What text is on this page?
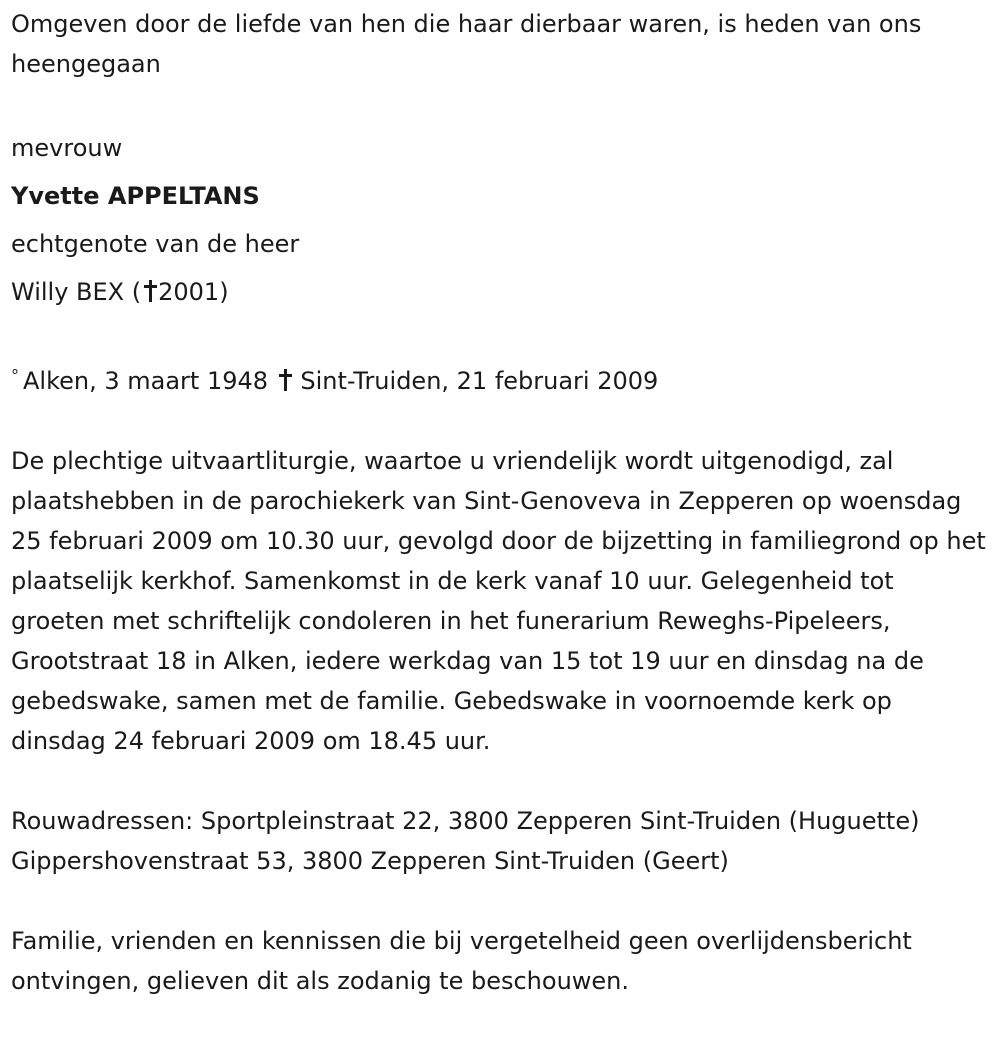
Omgeven door de liefde van hen die haar dierbaar waren, is heden van ons heengegaan

mevrouw

Yvette APPELTANS

echtgenote van de heer

Willy BEX ( 2001)

° Alken, 3 maart 1948 Sint-Truiden, 21 februari 2009

De plechtige uitvaartliturgie, waartoe u vriendelijk wordt uitgenodigd, zal plaatshebben in de parochiekerk van Sint-Genoveva in Zepperen op woensdag 25 februari 2009 om 10.30 uur, gevolgd door de bijzetting in familiegrond op het plaatselijk kerkhof. Samenkomst in de kerk vanaf 10 uur. Gelegenheid tot groeten met schriftelijk condoleren in het funerarium Reweghs-Pipeleers, Grootstraat 18 in Alken, iedere werkdag van 15 tot 19 uur en dinsdag na de gebedswake, samen met de familie. Gebedswake in voornoemde kerk op dinsdag 24 februari 2009 om 18.45 uur.

Rouwadressen: Sportpleinstraat 22, 3800 Zepperen Sint-Truiden (Huguette) Gippershovenstraat 53, 3800 Zepperen Sint-Truiden (Geert)

Familie, vrienden en kennissen die bij vergetelheid geen overlijdensbericht ontvingen, gelieven dit als zodanig te beschouwen.
